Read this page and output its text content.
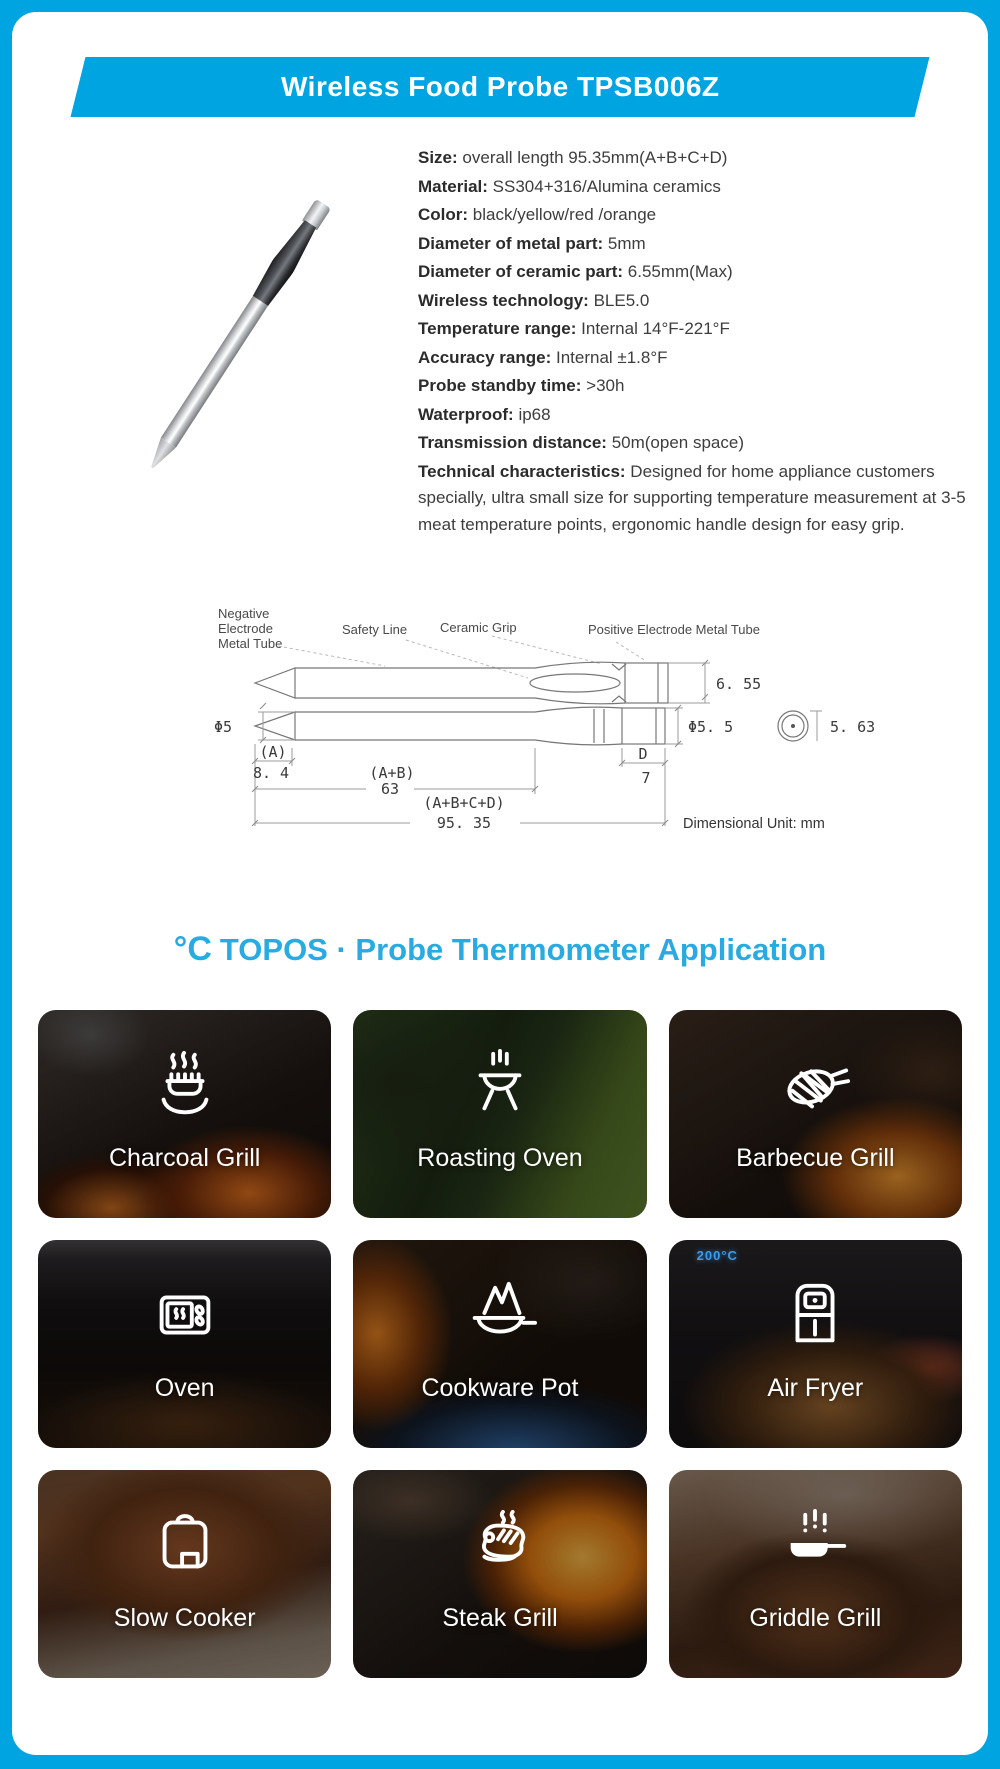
Wireless Food Probe TPSB006Z
Size: overall length 95.35mm(A+B+C+D)
Material: SS304+316/Alumina ceramics
Color: black/yellow/red /orange
Diameter of metal part: 5mm
Diameter of ceramic part: 6.55mm(Max)
Wireless technology: BLE5.0
Temperature range: Internal 14°F-221°F
Accuracy range: Internal ±1.8°F
Probe standby time: >30h
Waterproof: ip68
Transmission distance: 50m(open space)
Technical characteristics: Designed for home appliance customers specially, ultra small size for supporting temperature measurement at 3-5 meat temperature points, ergonomic handle design for easy grip.
Negative Electrode Metal Tube
Safety Line	Ceramic Grip	Positive Electrode Metal Tube
6. 55
Φ5	Φ5. 5	5. 63
(A)
8. 4	(A+B)
63
D
7
(A+B+C+D)
95. 35	Dimensional Unit: mm
°C TOPOS · Probe Thermometer Application
Charcoal Grill	Roasting Oven	Barbecue Grill
Oven	Cookware Pot
200°C
Air Fryer
Slow Cooker	Steak Grill	Griddle Grill
